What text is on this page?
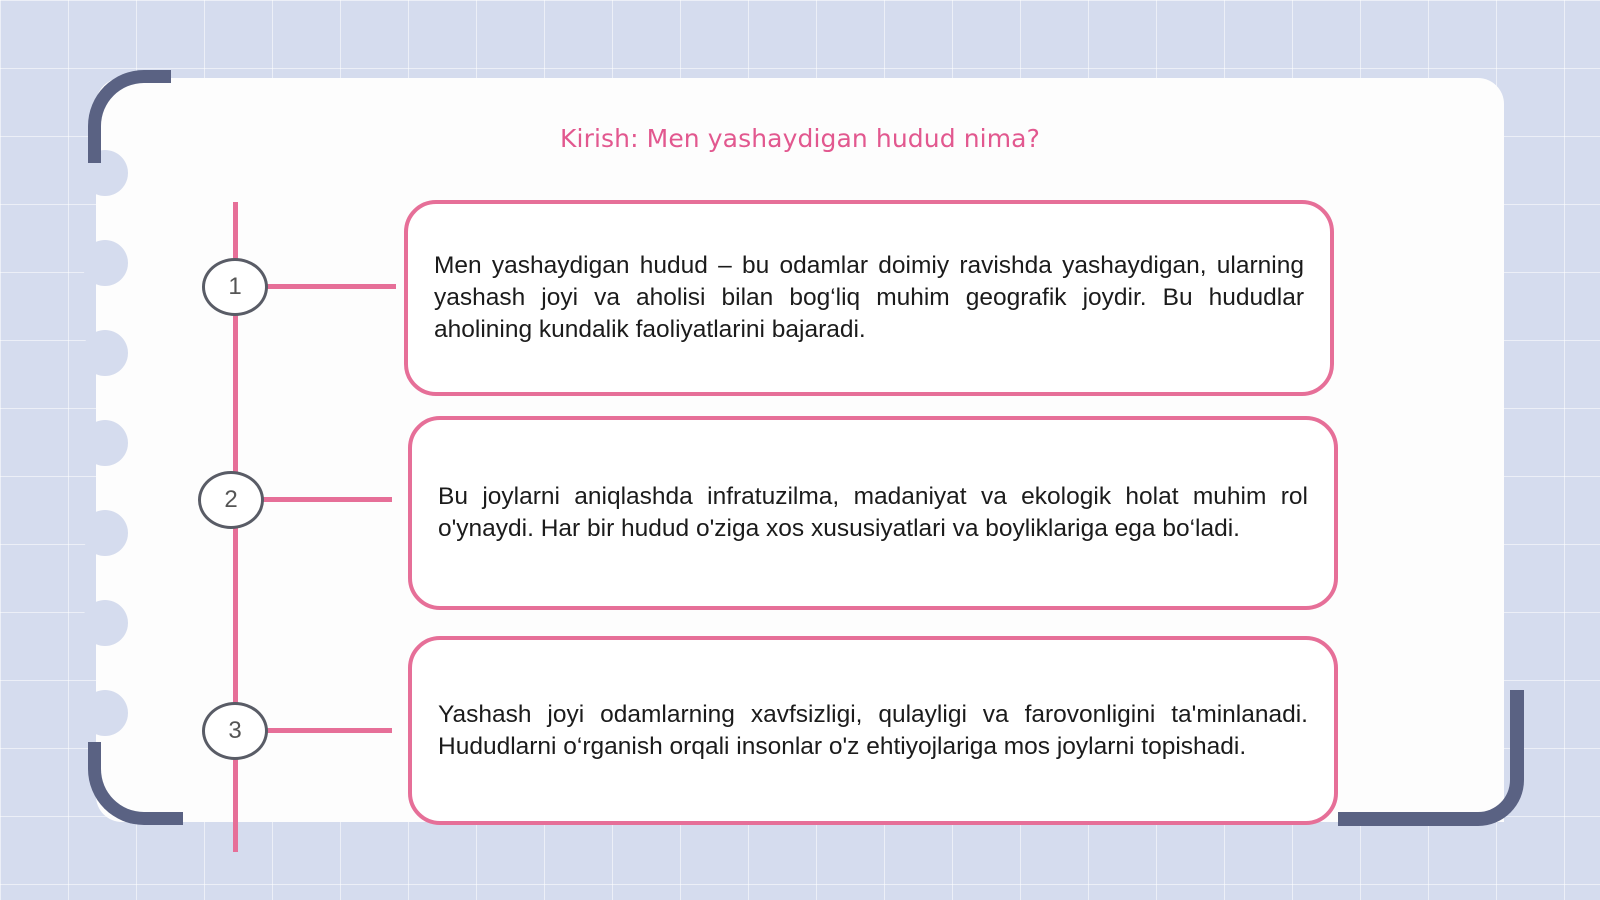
Kirish: Men yashaydigan hudud nima?
1
2
3

Men yashaydigan hudud – bu odamlar doimiy ravishda yashaydigan, ularning yashash joyi va aholisi bilan bog‘liq muhim geografik joydir. Bu hududlar aholining kundalik faoliyatlarini bajaradi.

Bu joylarni aniqlashda infratuzilma, madaniyat va ekologik holat muhim rol o'ynaydi. Har bir hudud o'ziga xos xususiyatlari va boyliklariga ega bo‘ladi.

Yashash joyi odamlarning xavfsizligi, qulayligi va farovonligini ta'minlanadi. Hududlarni o‘rganish orqali insonlar o'z ehtiyojlariga mos joylarni topishadi.
